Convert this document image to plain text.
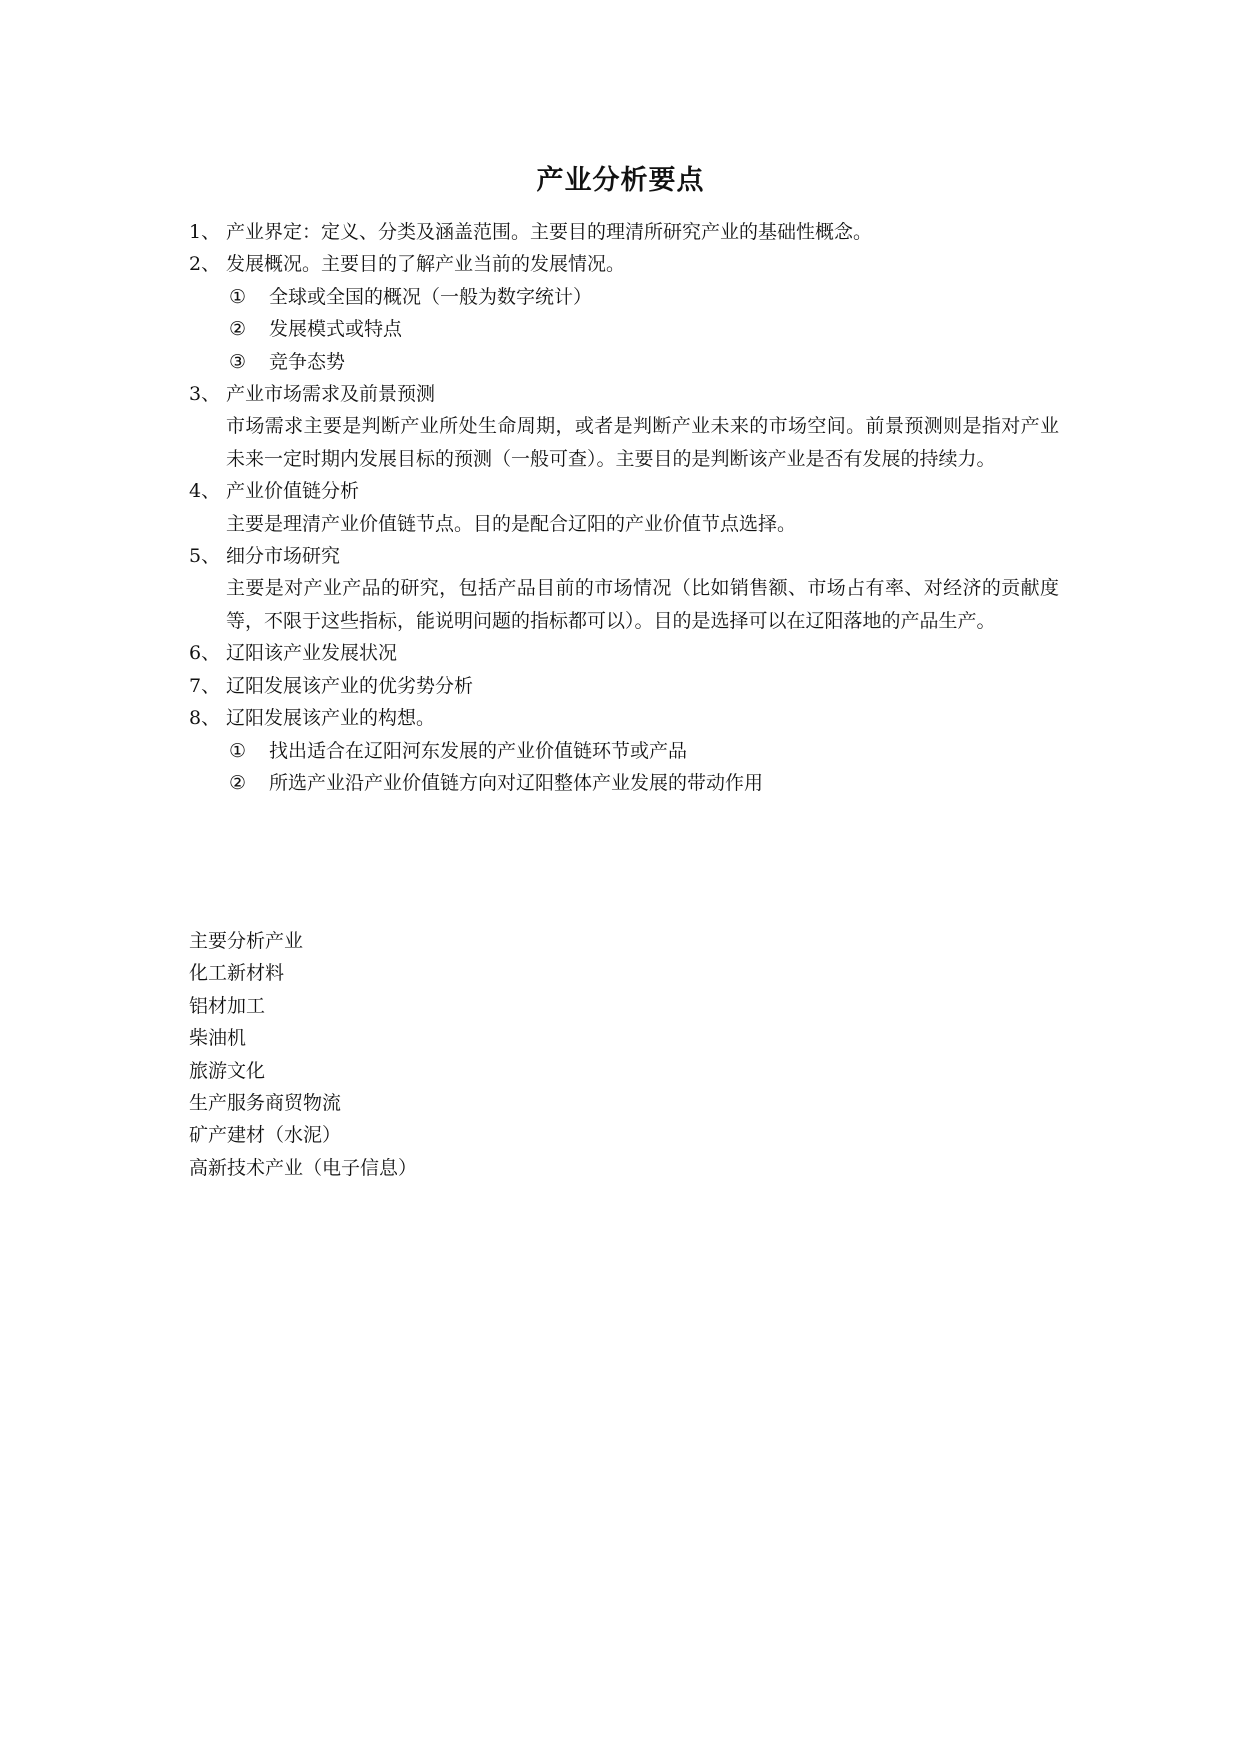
产业分析要点
1、 产业界定：定义、分类及涵盖范围。主要目的理清所研究产业的基础性概念。
2、 发展概况。主要目的了解产业当前的发展情况。
①	全球或全国的概况（一般为数字统计）
②	发展模式或特点
③	竞争态势
3、 产业市场需求及前景预测
市场需求主要是判断产业所处生命周期，或者是判断产业未来的市场空间。前景预测则是指对产业未来一定时期内发展目标的预测（一般可查）。主要目的是判断该产业是否有发展的持续力。
4、 产业价值链分析
主要是理清产业价值链节点。目的是配合辽阳的产业价值节点选择。
5、 细分市场研究
主要是对产业产品的研究，包括产品目前的市场情况（比如销售额、市场占有率、对经济的贡献度等，不限于这些指标，能说明问题的指标都可以）。目的是选择可以在辽阳落地的产品生产。
6、 辽阳该产业发展状况
7、 辽阳发展该产业的优劣势分析
8、 辽阳发展该产业的构想。
①	找出适合在辽阳河东发展的产业价值链环节或产品
②	所选产业沿产业价值链方向对辽阳整体产业发展的带动作用
主要分析产业
化工新材料
铝材加工
柴油机
旅游文化
生产服务商贸物流
矿产建材（水泥）
高新技术产业（电子信息）
